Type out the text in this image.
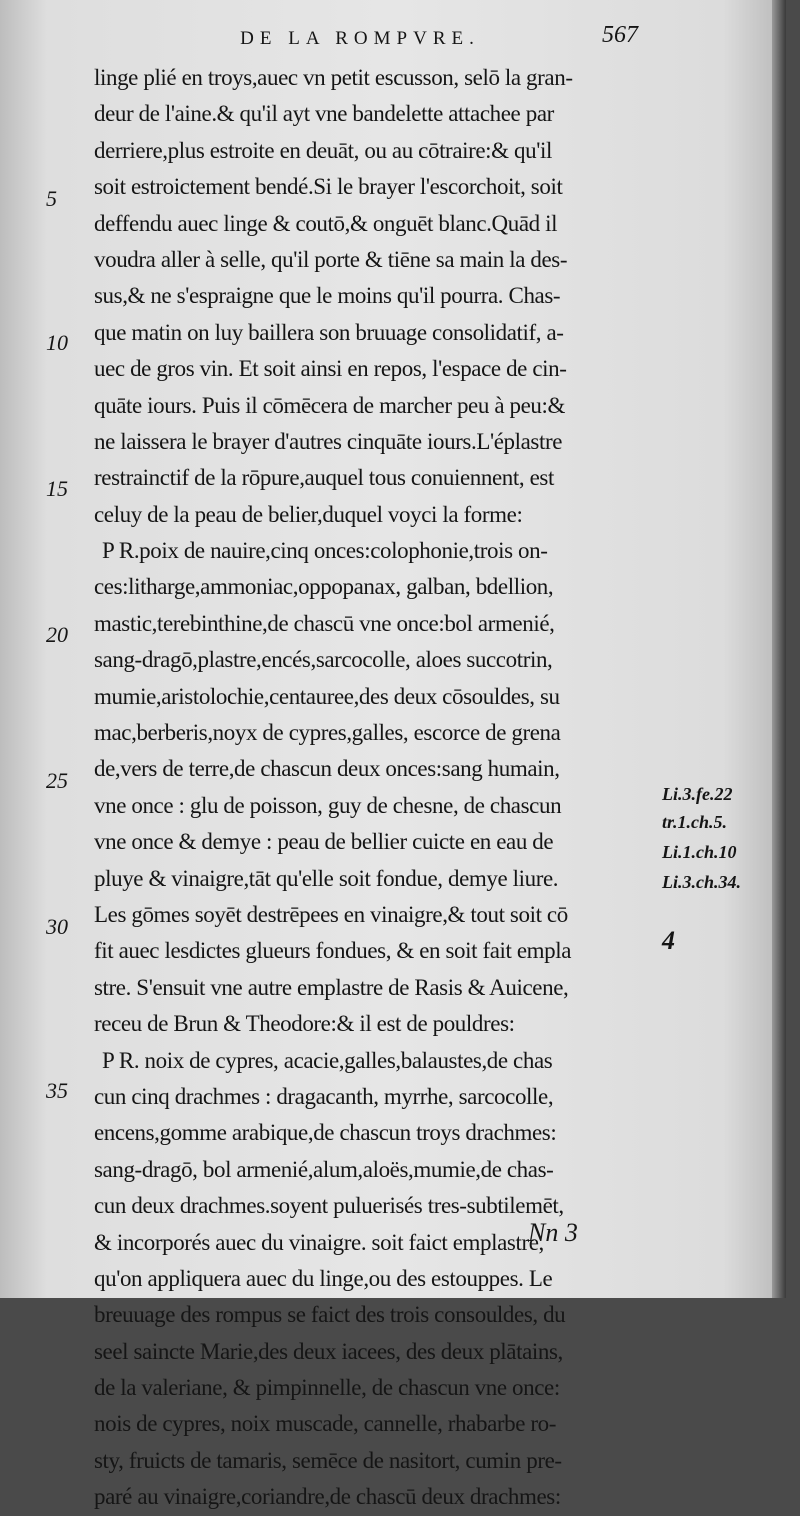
DE LA ROMPVRE.	567
linge plié en troys,auec vn petit escusson, selō la gran-
deur de l'aine.& qu'il ayt vne bandelette attachee par
derriere,plus estroite en deuāt, ou au cōtraire:& qu'il
soit estroictement bendé.Si le brayer l'escorchoit, soit
deffendu auec linge & coutō,& onguēt blanc.Quād il
voudra aller à selle, qu'il porte & tiēne sa main la des-
sus,& ne s'espraigne que le moins qu'il pourra. Chas-
que matin on luy baillera son bruuage consolidatif, a-
uec de gros vin. Et soit ainsi en repos, l'espace de cin-
quāte iours. Puis il cōmēcera de marcher peu à peu:&
ne laissera le brayer d'autres cinquāte iours.L'éplastre
restrainctif de la rōpure,auquel tous conuiennent, est
celuy de la peau de belier,duquel voyci la forme:
P R.poix de nauire,cinq onces:colophonie,trois on-
ces:litharge,ammoniac,oppopanax, galban, bdellion,
mastic,terebinthine,de chascū vne once:bol armenié,
sang-dragō,plastre,encés,sarcocolle, aloes succotrin,
mumie,aristolochie,centauree,des deux cōsouldes, su
mac,berberis,noyx de cypres,galles, escorce de grena
de,vers de terre,de chascun deux onces:sang humain,
vne once : glu de poisson, guy de chesne, de chascun
vne once & demye : peau de bellier cuicte en eau de
pluye & vinaigre,tāt qu'elle soit fondue, demye liure.
Les gōmes soyēt destrēpees en vinaigre,& tout soit cō
fit auec lesdictes glueurs fondues, & en soit fait empla
stre. S'ensuit vne autre emplastre de Rasis & Auicene,
receu de Brun & Theodore:& il est de pouldres:
P R. noix de cypres, acacie,galles,balaustes,de chas
cun cinq drachmes : dragacanth, myrrhe, sarcocolle,
encens,gomme arabique,de chascun troys drachmes:
sang-dragō, bol armenié,alum,aloës,mumie,de chas-
cun deux drachmes.soyent puluerisés tres-subtilemēt,
& incorporés auec du vinaigre. soit faict emplastre,
qu'on appliquera auec du linge,ou des estouppes. Le
breuuage des rompus se faict des trois consouldes, du
seel saincte Marie,des deux iacees, des deux plātains,
de la valeriane, & pimpinnelle, de chascun vne once:
nois de cypres, noix muscade, cannelle, rhabarbe ro-
sty, fruicts de tamaris, semēce de nasitort, cumin pre-
paré au vinaigre,coriandre,de chascū deux drachmes:
5
10
15
20
25
30
35
Li.3.fe.22
tr.1.ch.5.
Li.1.ch.10
Li.3.ch.34.
4
Nn 3
